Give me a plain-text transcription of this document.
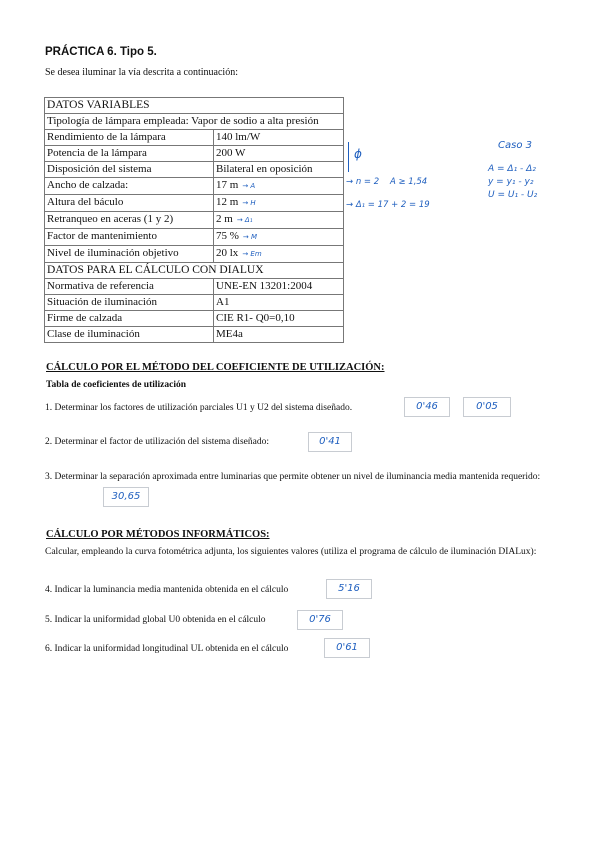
PRÁCTICA 6. Tipo 5.
Se desea iluminar la vía descrita a continuación:
DATOS VARIABLES	
Tipología de lámpara empleada: Vapor de sodio a alta presión	
Rendimiento de la lámpara	140 lm/W
Potencia de la lámpara	200 W
Disposición del sistema	Bilateral en oposición
Ancho de calzada:	17 m → A
Altura del báculo	12 m → H
Retranqueo en aceras (1 y 2)	2 m → Δ₁
Factor de mantenimiento	75 % → M
Nivel de iluminación objetivo	20 lx → Em
DATOS PARA EL CÁLCULO CON DIALUX	
Normativa de referencia	UNE-EN 13201:2004
Situación de iluminación	A1
Firme de calzada	CIE R1- Q0=0,10
Clase de iluminación	ME4a
ϕ
→ n = 2    A ≥ 1,54
→ Δ₁ = 17 + 2 = 19
Caso 3
A = Δ₁ - Δ₂
y = y₁ - y₂
U = U₁ - U₂
CÁLCULO POR EL MÉTODO DEL COEFICIENTE DE UTILIZACIÓN:
Tabla de coeficientes de utilización
1. Determinar los factores de utilización parciales U1 y U2 del sistema diseñado.	0'46	0'05
2. Determinar el factor de utilización del sistema diseñado:	0'41
3. Determinar la separación aproximada entre luminarias que permite obtener un nivel de iluminancia media mantenida requerido:
30,65
CÁLCULO POR MÉTODOS INFORMÁTICOS:
Calcular, empleando la curva fotométrica adjunta, los siguientes valores (utiliza el programa de cálculo de iluminación DIALux):
4. Indicar la luminancia media mantenida obtenida en el cálculo	5'16
5. Indicar la uniformidad global U0 obtenida en el cálculo	0'76
6. Indicar la uniformidad longitudinal UL obtenida en el cálculo	0'61
